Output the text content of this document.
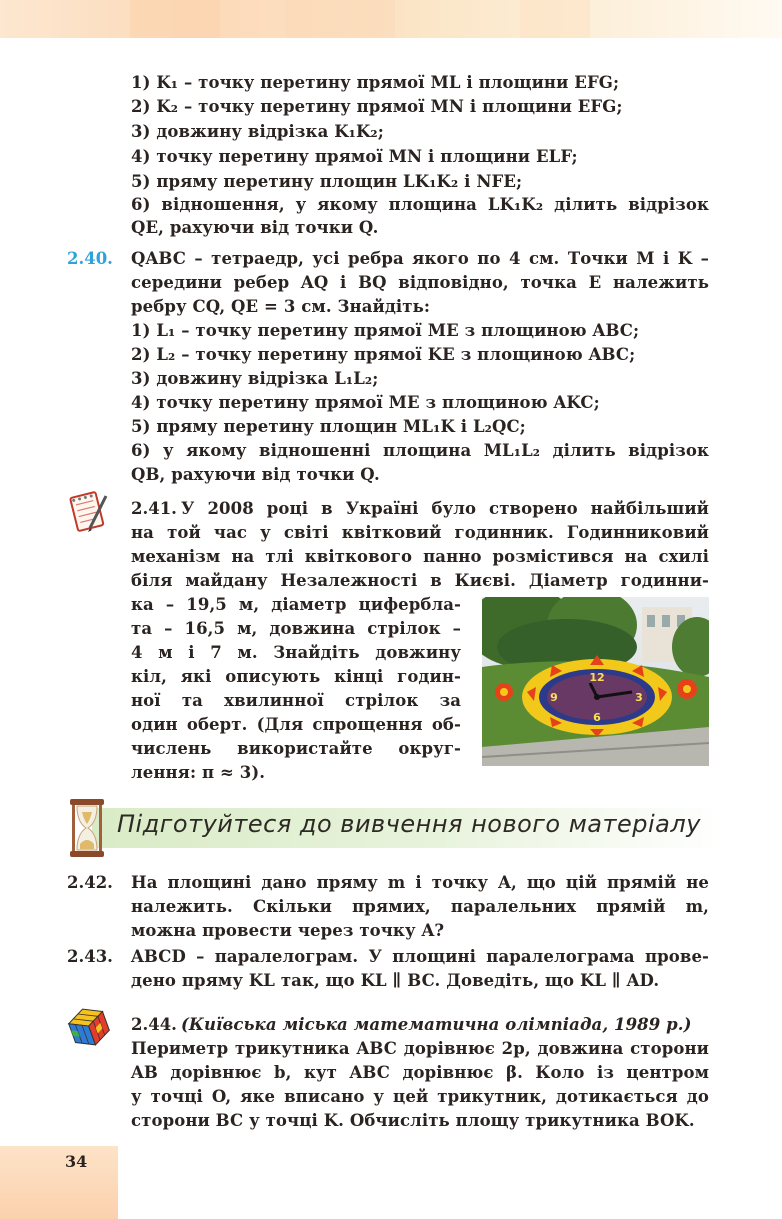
1) K₁ – точку перетину прямої ML і площини EFG;
2) K₂ – точку перетину прямої MN і площини EFG;
3) довжину відрізка K₁K₂;
4) точку перетину прямої MN і площини ELF;
5) пряму перетину площин LK₁K₂ і NFE;
6) відношення, у якому площина LK₁K₂ ділить відрізок
QE, рахуючи від точки Q.
2.40. QABC – тетраедр, усі ребра якого по 4 см. Точки M і K –
середини ребер AQ і BQ відповідно, точка E належить
ребру CQ, QE = 3 см. Знайдіть:
1) L₁ – точку перетину прямої ME з площиною ABC;
2) L₂ – точку перетину прямої KE з площиною ABC;
3) довжину відрізка L₁L₂;
4) точку перетину прямої ME з площиною AKC;
5) пряму перетину площин ML₁K і L₂QC;
6) у якому відношенні площина ML₁L₂ ділить відрізок
QB, рахуючи від точки Q.
2.41. У 2008 році в Україні було створено найбільший
на той час у світі квітковий годинник. Годинниковий
механізм на тлі квіткового панно розмістився на схилі
біля майдану Незалежності в Києві. Діаметр годинни-
ка – 19,5 м, діаметр цифербла-
та – 16,5 м, довжина стрілок –
4 м і 7 м. Знайдіть довжину
кіл, які описують кінці годин-
ної та хвилинної стрілок за
один оберт. (Для спрощення об-
числень використайте округ-
лення: π ≈ 3).
12
3
6
9
Підготуйтеся до вивчення нового матеріалу
2.42. На площині дано пряму m і точку A, що цій прямій не
належить. Скільки прямих, паралельних прямій m,
можна провести через точку A?
2.43. ABCD – паралелограм. У площині паралелограма прове-
дено пряму KL так, що KL ∥ BC. Доведіть, що KL ∥ AD.
2.44. (Київська міська математична олімпіада, 1989 р.)
Периметр трикутника ABC дорівнює 2p, довжина сторони
AB дорівнює b, кут ABC дорівнює β. Коло із центром
у точці O, яке вписано у цей трикутник, дотикається до
сторони BC у точці K. Обчисліть площу трикутника BOK.
34
